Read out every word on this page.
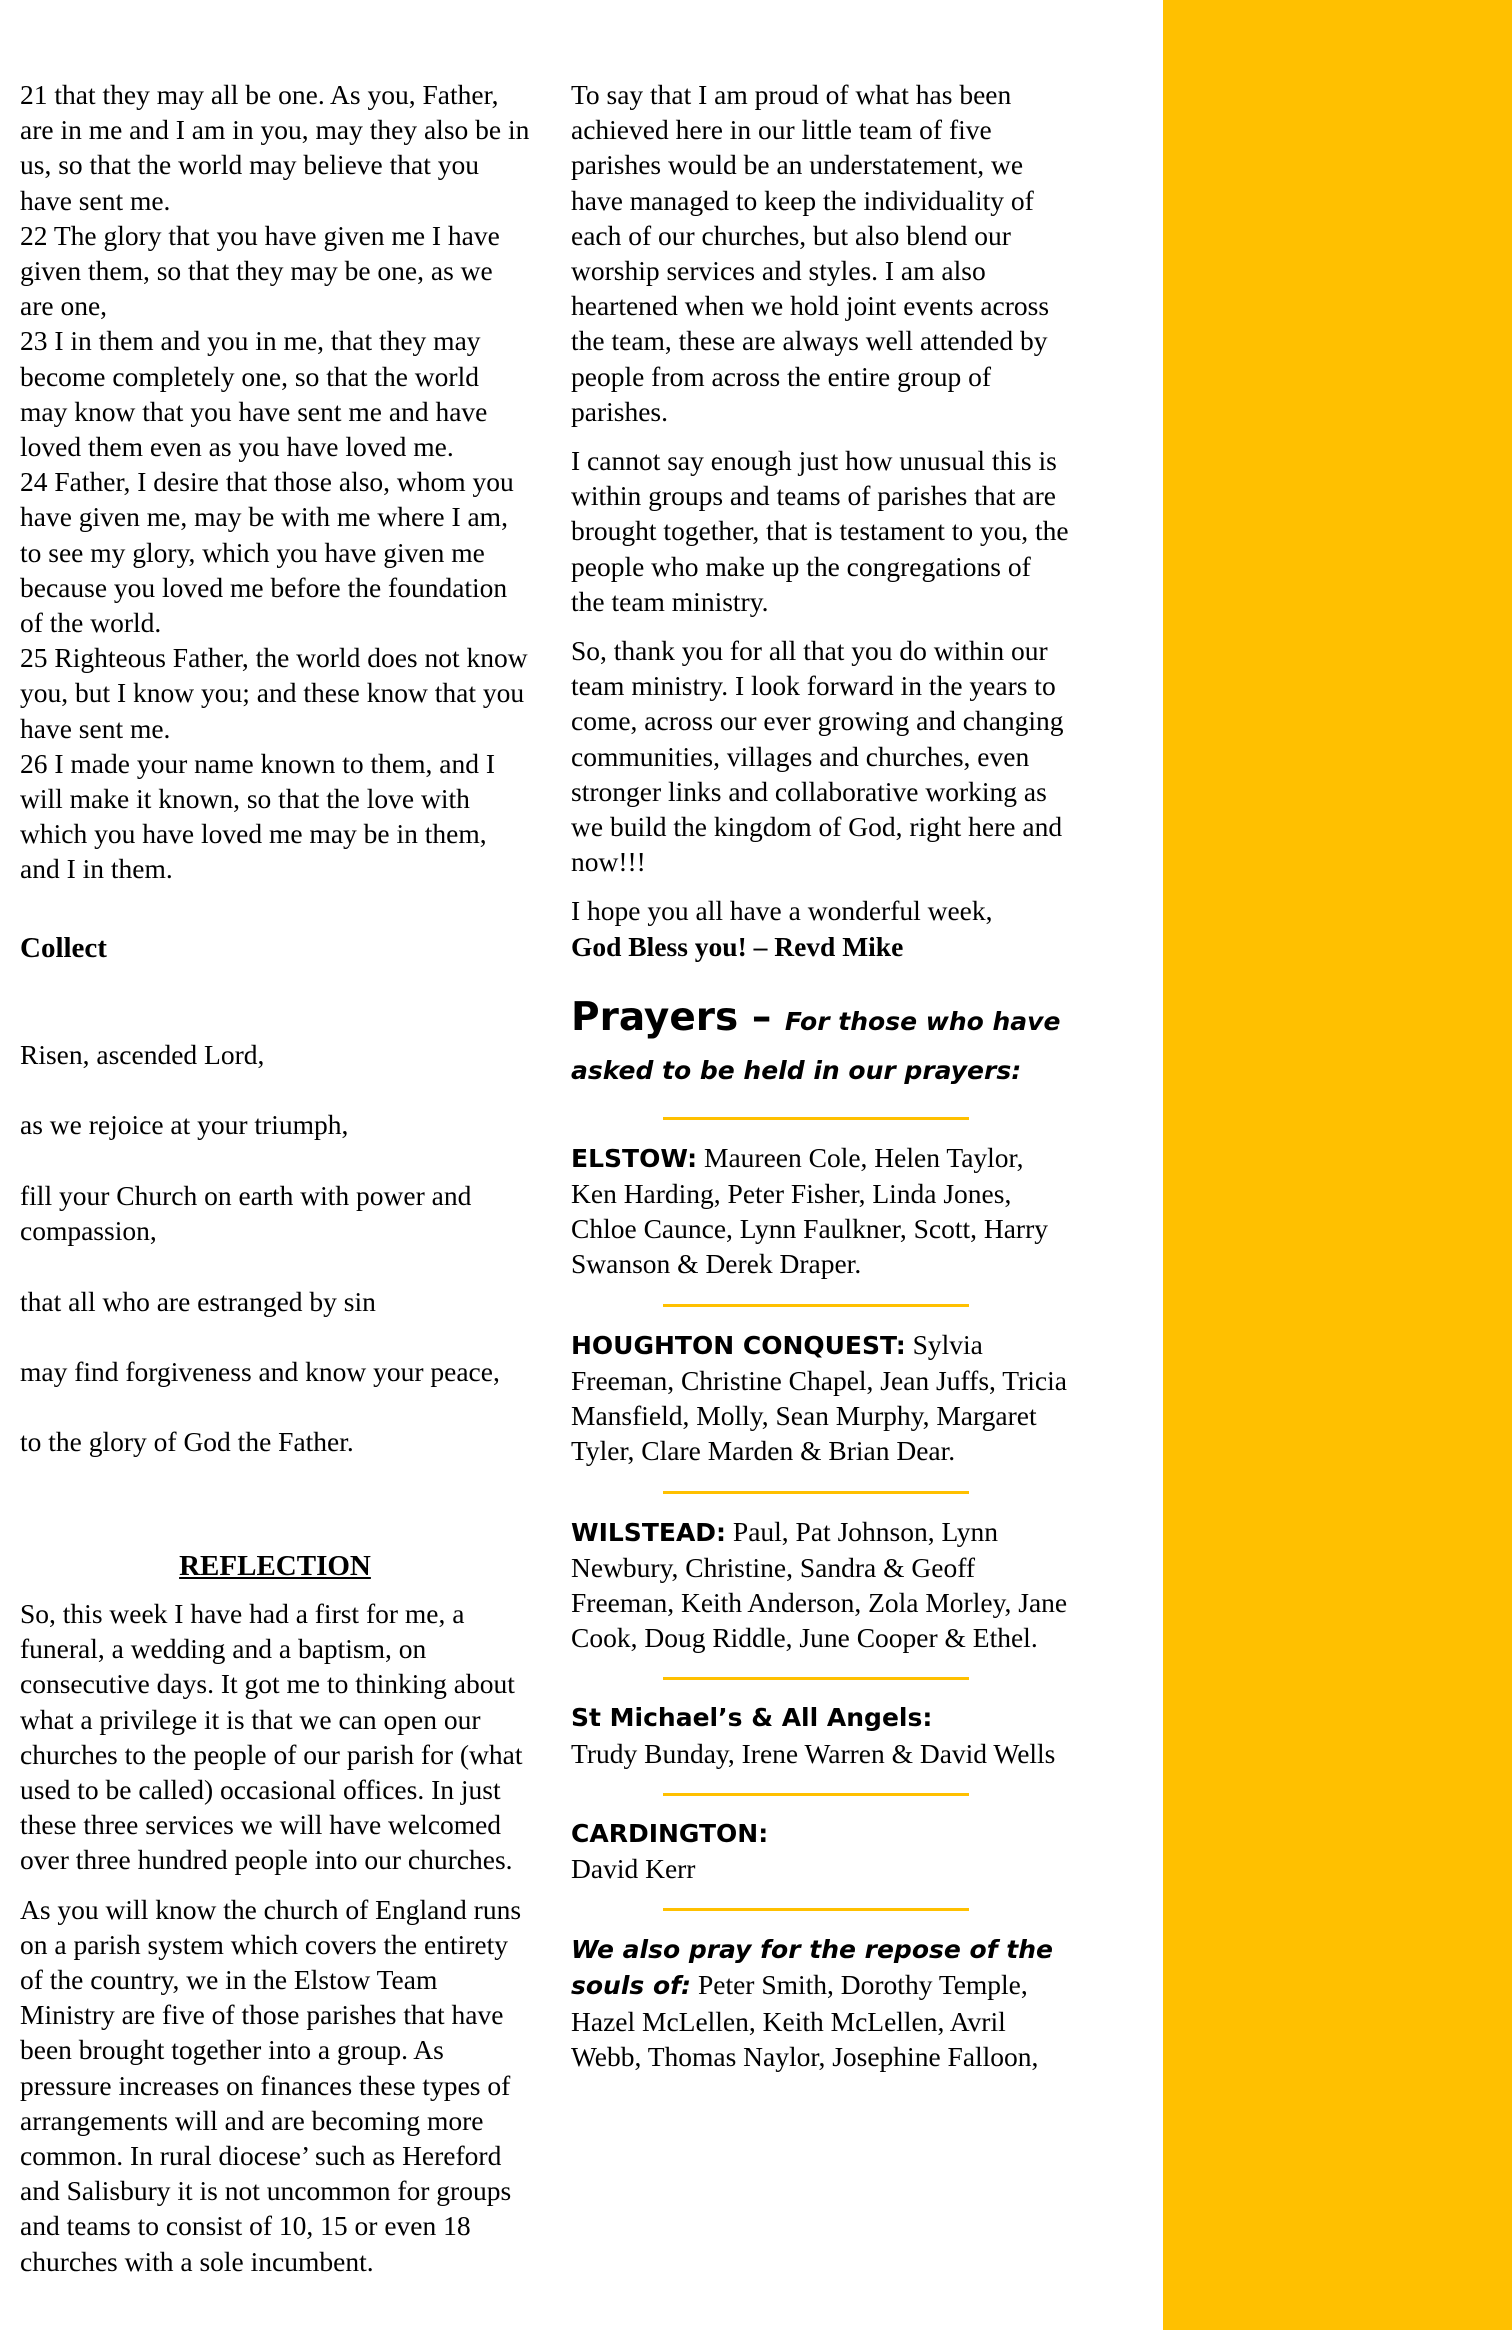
21 that they may all be one. As you, Father, are in me and I am in you, may they also be in us, so that the world may believe that you have sent me.

22 The glory that you have given me I have given them, so that they may be one, as we are one,

23 I in them and you in me, that they may become completely one, so that the world may know that you have sent me and have loved them even as you have loved me.

24 Father, I desire that those also, whom you have given me, may be with me where I am, to see my glory, which you have given me because you loved me before the foundation of the world.

25 Righteous Father, the world does not know you, but I know you; and these know that you have sent me.

26 I made your name known to them, and I will make it known, so that the love with which you have loved me may be in them, and I in them.

Collect

Risen, ascended Lord,

as we rejoice at your triumph,

fill your Church on earth with power and compassion,

that all who are estranged by sin

may find forgiveness and know your peace,

to the glory of God the Father.

REFLECTION

So, this week I have had a first for me, a funeral, a wedding and a baptism, on consecutive days. It got me to thinking about what a privilege it is that we can open our churches to the people of our parish for (what used to be called) occasional offices. In just these three services we will have welcomed over three hundred people into our churches.

As you will know the church of England runs on a parish system which covers the entirety of the country, we in the Elstow Team Ministry are five of those parishes that have been brought together into a group. As pressure increases on finances these types of arrangements will and are becoming more common. In rural diocese’ such as Hereford and Salisbury it is not uncommon for groups and teams to consist of 10, 15 or even 18 churches with a sole incumbent.

To say that I am proud of what has been achieved here in our little team of five parishes would be an understatement, we have managed to keep the individuality of each of our churches, but also blend our worship services and styles. I am also heartened when we hold joint events across the team, these are always well attended by people from across the entire group of parishes.

I cannot say enough just how unusual this is within groups and teams of parishes that are brought together, that is testament to you, the people who make up the congregations of the team ministry.

So, thank you for all that you do within our team ministry. I look forward in the years to come, across our ever growing and changing communities, villages and churches, even stronger links and collaborative working as we build the kingdom of God, right here and now!!!

I hope you all have a wonderful week,

God Bless you! – Revd Mike

Prayers – For those who have asked to be held in our prayers:

ELSTOW: Maureen Cole, Helen Taylor, Ken Harding, Peter Fisher, Linda Jones, Chloe Caunce, Lynn Faulkner, Scott, Harry Swanson & Derek Draper.

HOUGHTON CONQUEST: Sylvia Freeman, Christine Chapel, Jean Juffs, Tricia Mansfield, Molly, Sean Murphy, Margaret Tyler, Clare Marden & Brian Dear.

WILSTEAD: Paul, Pat Johnson, Lynn Newbury, Christine, Sandra & Geoff Freeman, Keith Anderson, Zola Morley, Jane Cook, Doug Riddle, June Cooper & Ethel.

St Michael’s & All Angels:
Trudy Bunday, Irene Warren & David Wells

CARDINGTON:
David Kerr

We also pray for the repose of the souls of: Peter Smith, Dorothy Temple, Hazel McLellen, Keith McLellen, Avril Webb, Thomas Naylor, Josephine Falloon,
